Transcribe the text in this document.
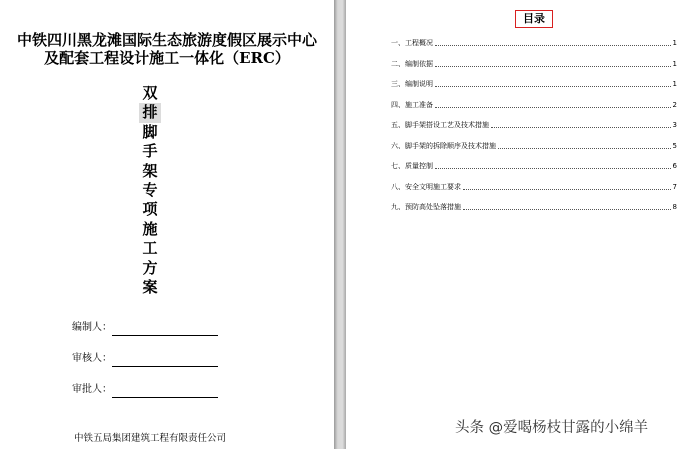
中铁四川黑龙滩国际生态旅游度假区展示中心
及配套工程设计施工一体化（ERC）
双
排
脚
手
架
专
项
施
工
方
案
编制人：
审核人：
审批人：
中铁五局集团建筑工程有限责任公司
目录
一、工程概况	1
二、编制依据	1
三、编制说明	1
四、施工准备	2
五、脚手架搭设工艺及技术措施	3
六、脚手架的拆除顺序及技术措施	5
七、质量控制	6
八、安全文明施工要求	7
九、预防高处坠落措施	8
头条 @爱喝杨枝甘露的小绵羊
